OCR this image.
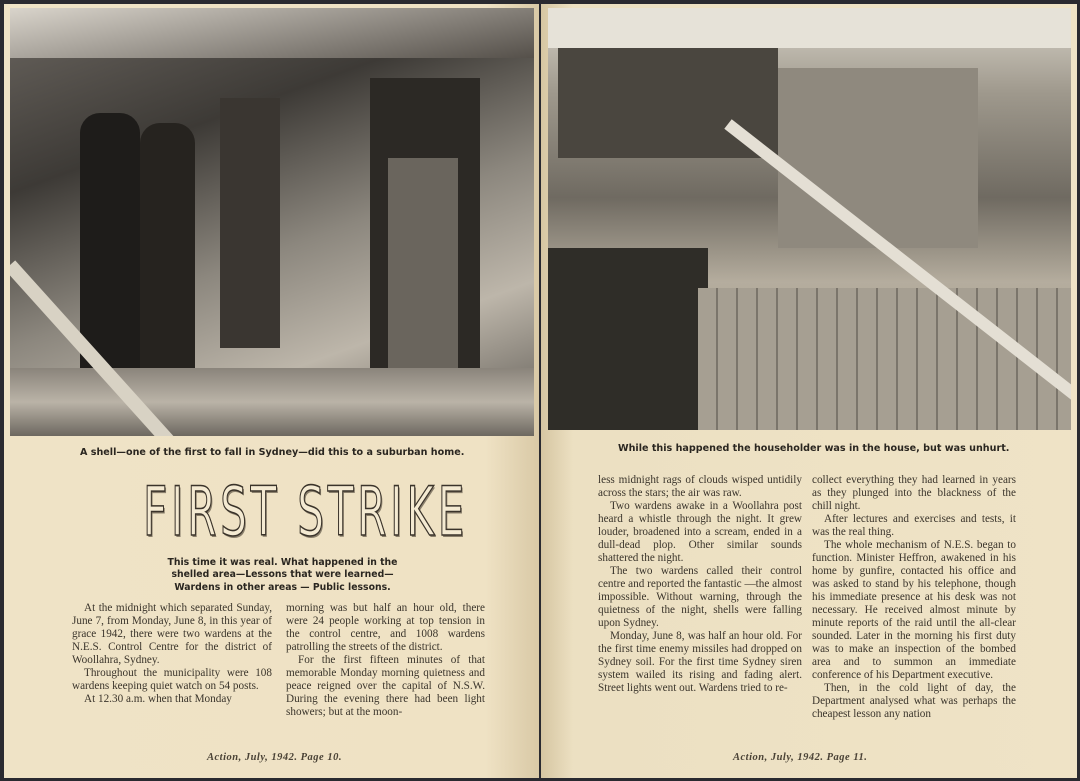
A shell—one of the first to fall in Sydney—did this to a suburban home.	While this happened the householder was in the house, but was unhurt.
FIRST STRIKE
This time it was real. What happened in the shelled area—Lessons that were learned—Wardens in other areas — Public lessons.

At the midnight which separated Sunday, June 7, from Monday, June 8, in this year of grace 1942, there were two wardens at the N.E.S. Control Centre for the district of Woollahra, Sydney.

Throughout the municipality were 108 wardens keeping quiet watch on 54 posts.

At 12.30 a.m. when that Monday

morning was but half an hour old, there were 24 people working at top tension in the control centre, and 1008 wardens patrolling the streets of the district.

For the first fifteen minutes of that memorable Monday morning quietness and peace reigned over the capital of N.S.W. During the evening there had been light showers; but at the moon-

less midnight rags of clouds wisped untidily across the stars; the air was raw.

Two wardens awake in a Woollahra post heard a whistle through the night. It grew louder, broadened into a scream, ended in a dull-dead plop. Other similar sounds shattered the night.

The two wardens called their control centre and reported the fantastic —the almost impossible. Without warning, through the quietness of the night, shells were falling upon Sydney.

Monday, June 8, was half an hour old. For the first time enemy missiles had dropped on Sydney soil. For the first time Sydney siren system wailed its rising and fading alert. Street lights went out. Wardens tried to re-

collect everything they had learned in years as they plunged into the blackness of the chill night.

After lectures and exercises and tests, it was the real thing.

The whole mechanism of N.E.S. began to function. Minister Heffron, awakened in his home by gunfire, contacted his office and was asked to stand by his telephone, though his immediate presence at his desk was not necessary. He received almost minute by minute reports of the raid until the all-clear sounded. Later in the morning his first duty was to make an inspection of the bombed area and to summon an immediate conference of his Department executive.

Then, in the cold light of day, the Department analysed what was perhaps the cheapest lesson any nation

Action, July, 1942. Page 10.	Action, July, 1942. Page 11.
